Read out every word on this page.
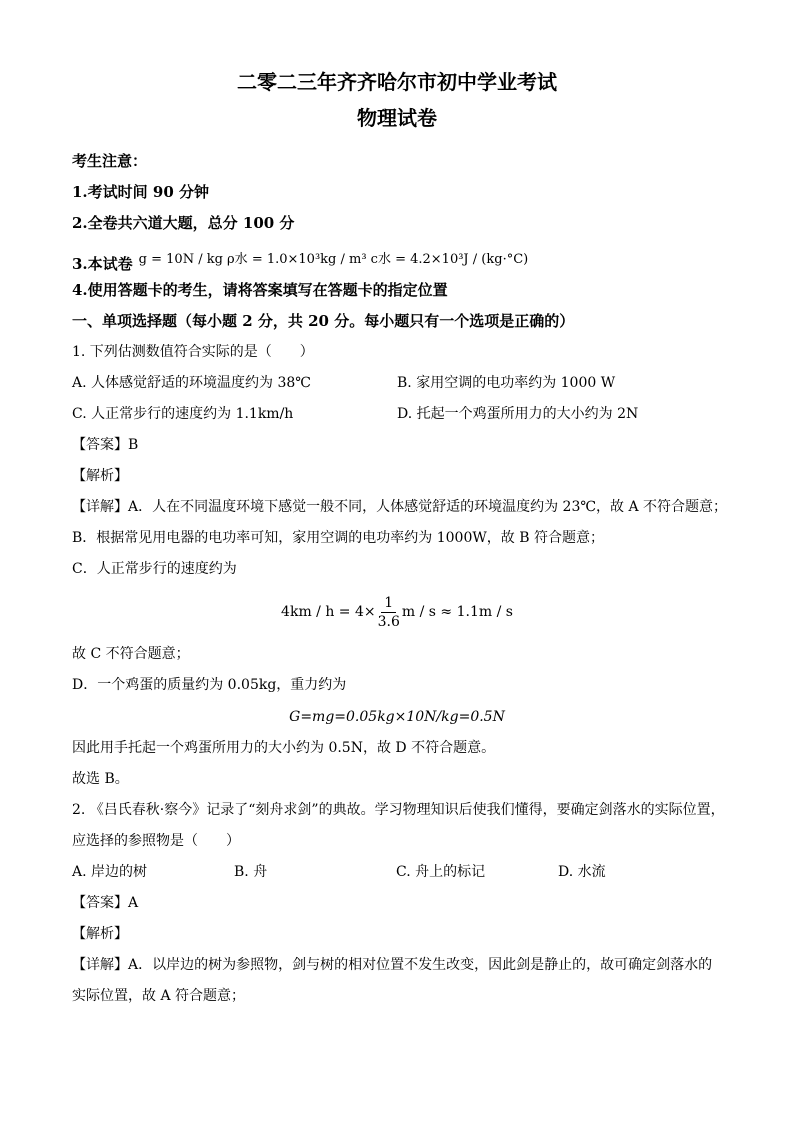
二零二三年齐齐哈尔市初中学业考试

物理试卷

考生注意：

1.考试时间 90 分钟

2.全卷共六道大题，总分 100 分

3.本试卷 g = 10N / kg ρ水 = 1.0×10³kg / m³ c水 = 4.2×10³J / (kg·°C)

4.使用答题卡的考生，请将答案填写在答题卡的指定位置

一、单项选择题（每小题 2 分，共 20 分。每小题只有一个选项是正确的）

1. 下列估测数值符合实际的是（　　）

A. 人体感觉舒适的环境温度约为 38℃	B. 家用空调的电功率约为 1000 W
C. 人正常步行的速度约为 1.1km/h	D. 托起一个鸡蛋所用力的大小约为 2N

【答案】B

【解析】

【详解】A．人在不同温度环境下感觉一般不同，人体感觉舒适的环境温度约为 23℃，故 A 不符合题意；

B．根据常见用电器的电功率可知，家用空调的电功率约为 1000W，故 B 符合题意；

C．人正常步行的速度约为

$4km / h = 4\times \frac{1}{3.6}$ m / s ≈ 1.1m / s

故 C 不符合题意；

D．一个鸡蛋的质量约为 0.05kg，重力约为

G=mg=0.05kg×10N/kg=0.5N

因此用手托起一个鸡蛋所用力的大小约为 0.5N，故 D 不符合题意。

故选 B。

2. 《吕氏春秋·察今》记录了“刻舟求剑”的典故。学习物理知识后使我们懂得，要确定剑落水的实际位置，

应选择的参照物是（　　）

A. 岸边的树	B. 舟	C. 舟上的标记	D. 水流

【答案】A

【解析】

【详解】A．以岸边的树为参照物，剑与树的相对位置不发生改变，因此剑是静止的，故可确定剑落水的

实际位置，故 A 符合题意；
